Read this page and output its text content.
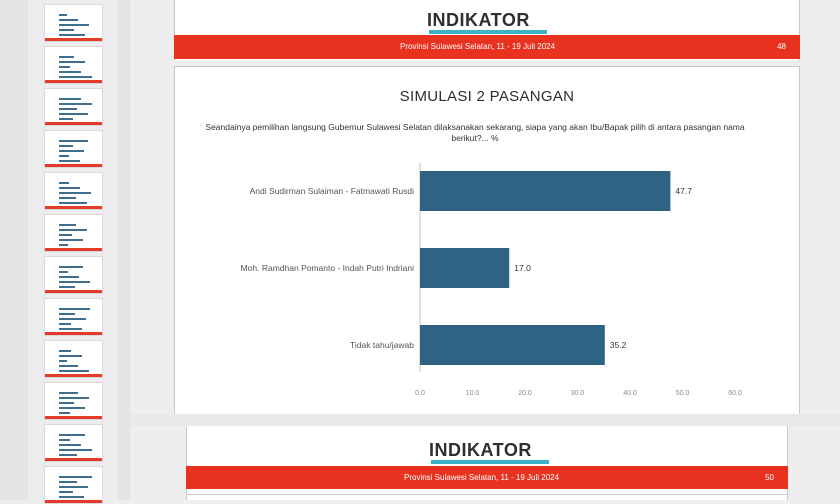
INDIKATOR
Provinsi Sulawesi Selatan, 11 - 19 Juli 2024	48
SIMULASI 2 PASANGAN
Seandainya pemilihan langsung Gubernur Sulawesi Selatan dilaksanakan sekarang, siapa yang akan Ibu/Bapak pilih di antara pasangan nama berikut?... %
47.7
Andi Sudirman Sulaiman - Fatmawati Rusdi
17.0
Moh. Ramdhan Pomanto - Indah Putri Indriani
35.2
Tidak tahu/jawab
0.0	10.0	20.0	30.0	40.0	50.0	60.0
INDIKATOR
Provinsi Sulawesi Selatan, 11 - 19 Juli 2024	50
